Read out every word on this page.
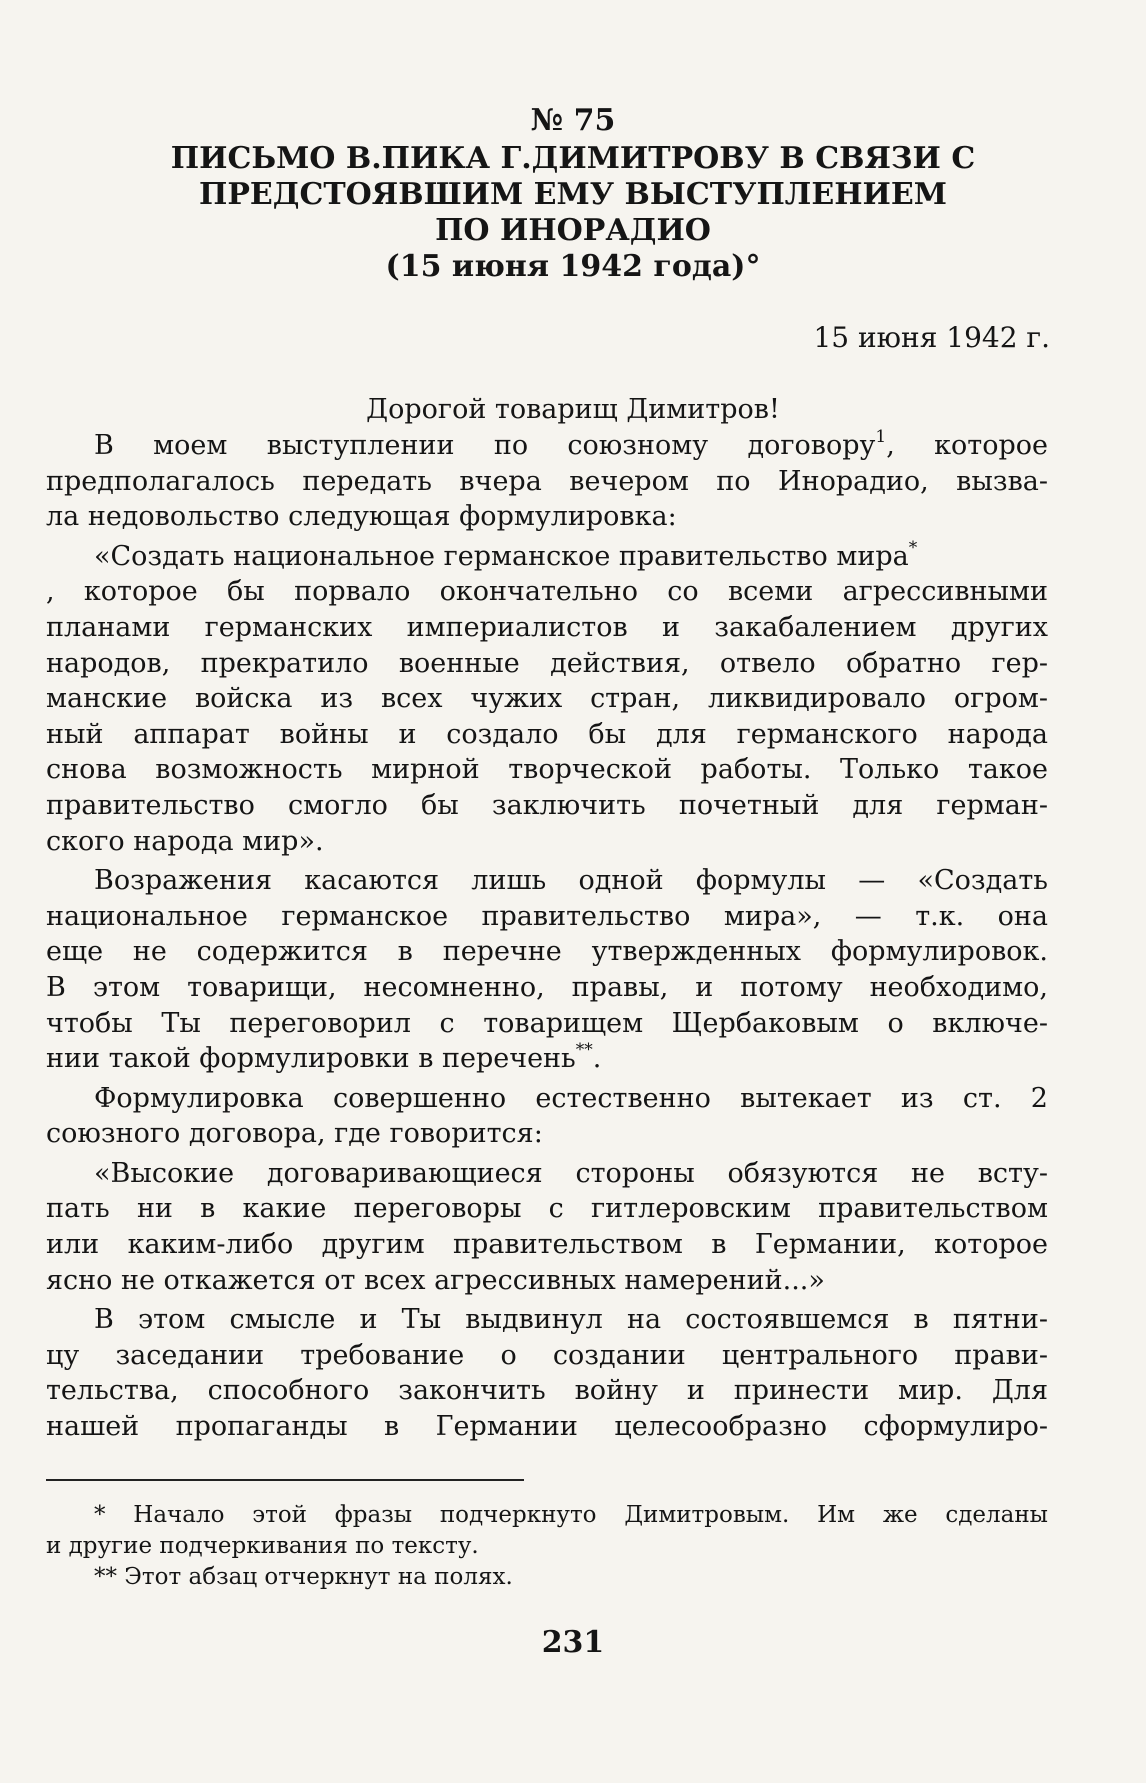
№ 75
ПИСЬМО В.ПИКА Г.ДИМИТРОВУ В СВЯЗИ С
ПРЕДСТОЯВШИМ ЕМУ ВЫСТУПЛЕНИЕМ
ПО ИНОРАДИО
(15 июня 1942 года)°
15 июня 1942 г.
Дорогой товарищ Димитров!
В моем выступлении по союзному договору$^1$, которое
предполагалось передать вчера вечером по Инорадио, вызва-
ла недовольство следующая формулировка:
«Создать национальное германское правительство мира*
, которое бы порвало окончательно со всеми агрессивными
планами германских империалистов и закабалением других
народов, прекратило военные действия, отвело обратно гер-
манские войска из всех чужих стран, ликвидировало огром-
ный аппарат войны и создало бы для германского народа
снова возможность мирной творческой работы. Только такое
правительство смогло бы заключить почетный для герман-
ского народа мир».
Возражения касаются лишь одной формулы — «Создать
национальное германское правительство мира», — т.к. она
еще не содержится в перечне утвержденных формулировок.
В этом товарищи, несомненно, правы, и потому необходимо,
чтобы Ты переговорил с товарищем Щербаковым о включе-
нии такой формулировки в перечень**.
Формулировка совершенно естественно вытекает из ст. 2
союзного договора, где говорится:
«Высокие договаривающиеся стороны обязуются не всту-
пать ни в какие переговоры с гитлеровским правительством
или каким-либо другим правительством в Германии, которое
ясно не откажется от всех агрессивных намерений...»
В этом смысле и Ты выдвинул на состоявшемся в пятни-
цу заседании требование о создании центрального прави-
тельства, способного закончить войну и принести мир. Для
нашей пропаганды в Германии целесообразно сформулиро-
* Начало этой фразы подчеркнуто Димитровым. Им же сделаны
и другие подчеркивания по тексту.
** Этот абзац отчеркнут на полях.
231
